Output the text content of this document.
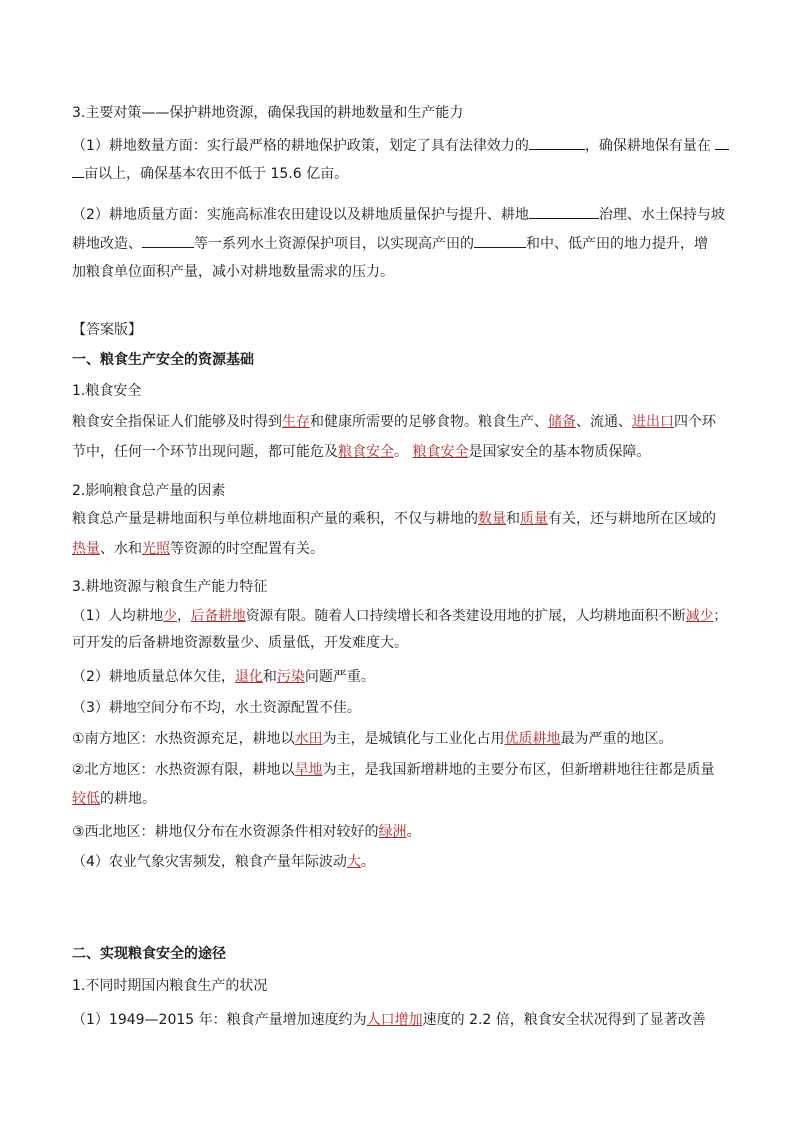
3.主要对策——保护耕地资源，确保我国的耕地数量和生产能力
（1）耕地数量方面：实行最严格的耕地保护政策，划定了具有法律效力的	，确保耕地保有量在
亩以上，确保基本农田不低于 15.6 亿亩。
（2）耕地质量方面：实施高标准农田建设以及耕地质量保护与提升、耕地	治理、水土保持与坡
耕地改造、	等一系列水土资源保护项目，以实现高产田的	和中、低产田的地力提升，增
加粮食单位面积产量，减小对耕地数量需求的压力。
【答案版】
一、粮食生产安全的资源基础
1.粮食安全
粮食安全指保证人们能够及时得到生存和健康所需要的足够食物。粮食生产、储备、流通、进出口四个环
节中，任何一个环节出现问题，都可能危及粮食安全。 粮食安全是国家安全的基本物质保障。
2.影响粮食总产量的因素
粮食总产量是耕地面积与单位耕地面积产量的乘积，不仅与耕地的数量和质量有关，还与耕地所在区域的
热量、水和光照等资源的时空配置有关。
3.耕地资源与粮食生产能力特征
（1）人均耕地少，后备耕地资源有限。随着人口持续增长和各类建设用地的扩展，人均耕地面积不断减少；
可开发的后备耕地资源数量少、质量低，开发难度大。
（2）耕地质量总体欠佳，退化和污染问题严重。
（3）耕地空间分布不均，水土资源配置不佳。
①南方地区：水热资源充足，耕地以水田为主，是城镇化与工业化占用优质耕地最为严重的地区。
②北方地区：水热资源有限，耕地以旱地为主，是我国新增耕地的主要分布区，但新增耕地往往都是质量
较低的耕地。
③西北地区：耕地仅分布在水资源条件相对较好的绿洲。
（4）农业气象灾害频发，粮食产量年际波动大。
二、实现粮食安全的途径
1.不同时期国内粮食生产的状况
（1）1949—2015 年：粮食产量增加速度约为人口增加速度的 2.2 倍，粮食安全状况得到了显著改善
